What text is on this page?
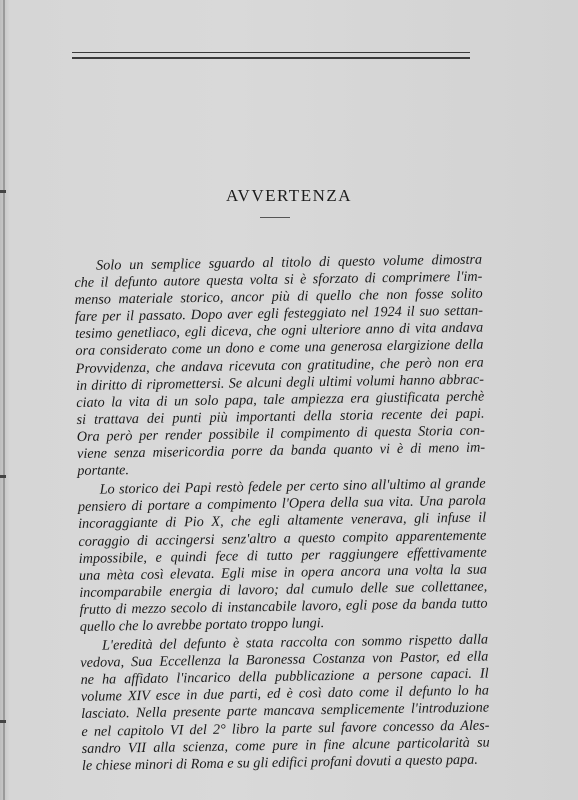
AVVERTENZA
Solo un semplice sguardo al titolo di questo volume dimostra
che il defunto autore questa volta si è sforzato di comprimere l'im-
menso materiale storico, ancor più di quello che non fosse solito
fare per il passato. Dopo aver egli festeggiato nel 1924 il suo settan-
tesimo genetliaco, egli diceva, che ogni ulteriore anno di vita andava
ora considerato come un dono e come una generosa elargizione della
Provvidenza, che andava ricevuta con gratitudine, che però non era
in diritto di ripromettersi. Se alcuni degli ultimi volumi hanno abbrac-
ciato la vita di un solo papa, tale ampiezza era giustificata perchè
si trattava dei punti più importanti della storia recente dei papi.
Ora però per render possibile il compimento di questa Storia con-
viene senza misericordia porre da banda quanto vi è di meno im-
portante.
Lo storico dei Papi restò fedele per certo sino all'ultimo al grande
pensiero di portare a compimento l'Opera della sua vita. Una parola
incoraggiante di Pio X, che egli altamente venerava, gli infuse il
coraggio di accingersi senz'altro a questo compito apparentemente
impossibile, e quindi fece di tutto per raggiungere effettivamente
una mèta così elevata. Egli mise in opera ancora una volta la sua
incomparabile energia di lavoro; dal cumulo delle sue collettanee,
frutto di mezzo secolo di instancabile lavoro, egli pose da banda tutto
quello che lo avrebbe portato troppo lungi.
L'eredità del defunto è stata raccolta con sommo rispetto dalla
vedova, Sua Eccellenza la Baronessa Costanza von Pastor, ed ella
ne ha affidato l'incarico della pubblicazione a persone capaci. Il
volume XIV esce in due parti, ed è così dato come il defunto lo ha
lasciato. Nella presente parte mancava semplicemente l'introduzione
e nel capitolo VI del 2° libro la parte sul favore concesso da Ales-
sandro VII alla scienza, come pure in fine alcune particolarità su
le chiese minori di Roma e su gli edifici profani dovuti a questo papa.
